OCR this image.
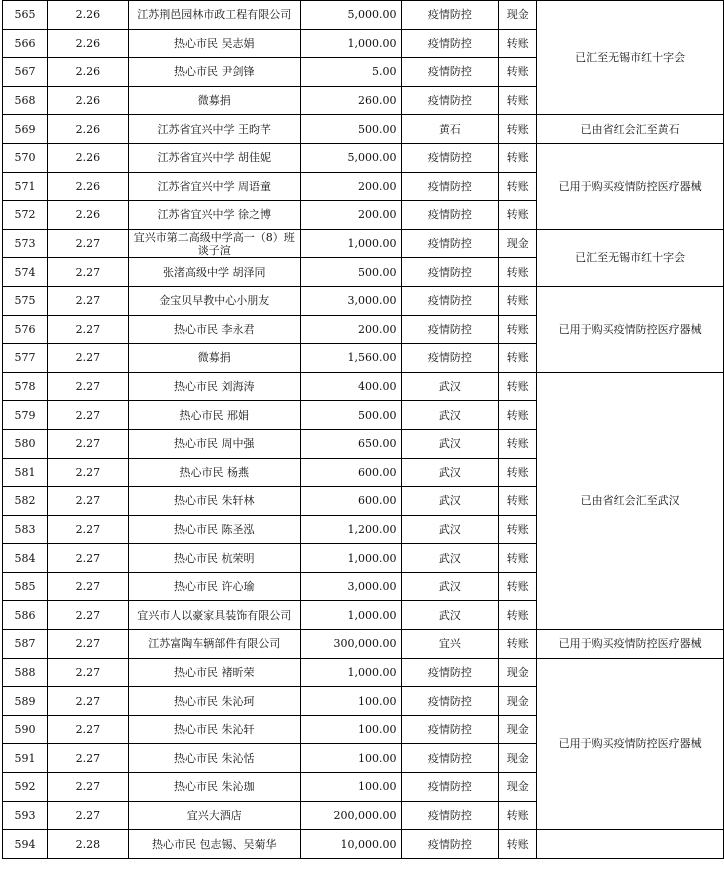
565	2.26	江苏荆邑园林市政工程有限公司	5,000.00	疫情防控	现金	已汇至无锡市红十字会
566	2.26	热心市民 吴志娟	1,000.00	疫情防控	转账	
567	2.26	热心市民 尹剑锋	5.00	疫情防控	转账	
568	2.26	微募捐	260.00	疫情防控	转账	
569	2.26	江苏省宜兴中学 王昀芊	500.00	黄石	转账	已由省红会汇至黄石
570	2.26	江苏省宜兴中学 胡佳妮	5,000.00	疫情防控	转账	已用于购买疫情防控医疗器械
571	2.26	江苏省宜兴中学 周语童	200.00	疫情防控	转账	
572	2.26	江苏省宜兴中学 徐之博	200.00	疫情防控	转账	
573	2.27	宜兴市第二高级中学高一（8）班 谈子渲	1,000.00	疫情防控	现金	已汇至无锡市红十字会
574	2.27	张渚高级中学 胡泽同	500.00	疫情防控	转账	
575	2.27	金宝贝早教中心小朋友	3,000.00	疫情防控	转账	已用于购买疫情防控医疗器械
576	2.27	热心市民 李永君	200.00	疫情防控	转账	
577	2.27	微募捐	1,560.00	疫情防控	转账	
578	2.27	热心市民 刘海涛	400.00	武汉	转账	已由省红会汇至武汉
579	2.27	热心市民 邢娟	500.00	武汉	转账	
580	2.27	热心市民 周中强	650.00	武汉	转账	
581	2.27	热心市民 杨燕	600.00	武汉	转账	
582	2.27	热心市民 朱轩林	600.00	武汉	转账	
583	2.27	热心市民 陈圣泓	1,200.00	武汉	转账	
584	2.27	热心市民 杭荣明	1,000.00	武汉	转账	
585	2.27	热心市民 许心瑜	3,000.00	武汉	转账	
586	2.27	宜兴市人以豪家具装饰有限公司	1,000.00	武汉	转账	
587	2.27	江苏富陶车辆部件有限公司	300,000.00	宜兴	转账	已用于购买疫情防控医疗器械
588	2.27	热心市民 褚昕荣	1,000.00	疫情防控	现金	已用于购买疫情防控医疗器械
589	2.27	热心市民 朱沁珂	100.00	疫情防控	现金	
590	2.27	热心市民 朱沁轩	100.00	疫情防控	现金	
591	2.27	热心市民 朱沁恬	100.00	疫情防控	现金	
592	2.27	热心市民 朱沁珈	100.00	疫情防控	现金	
593	2.27	宜兴大酒店	200,000.00	疫情防控	转账	
594	2.28	热心市民 包志锡、吴菊华	10,000.00	疫情防控	转账	
